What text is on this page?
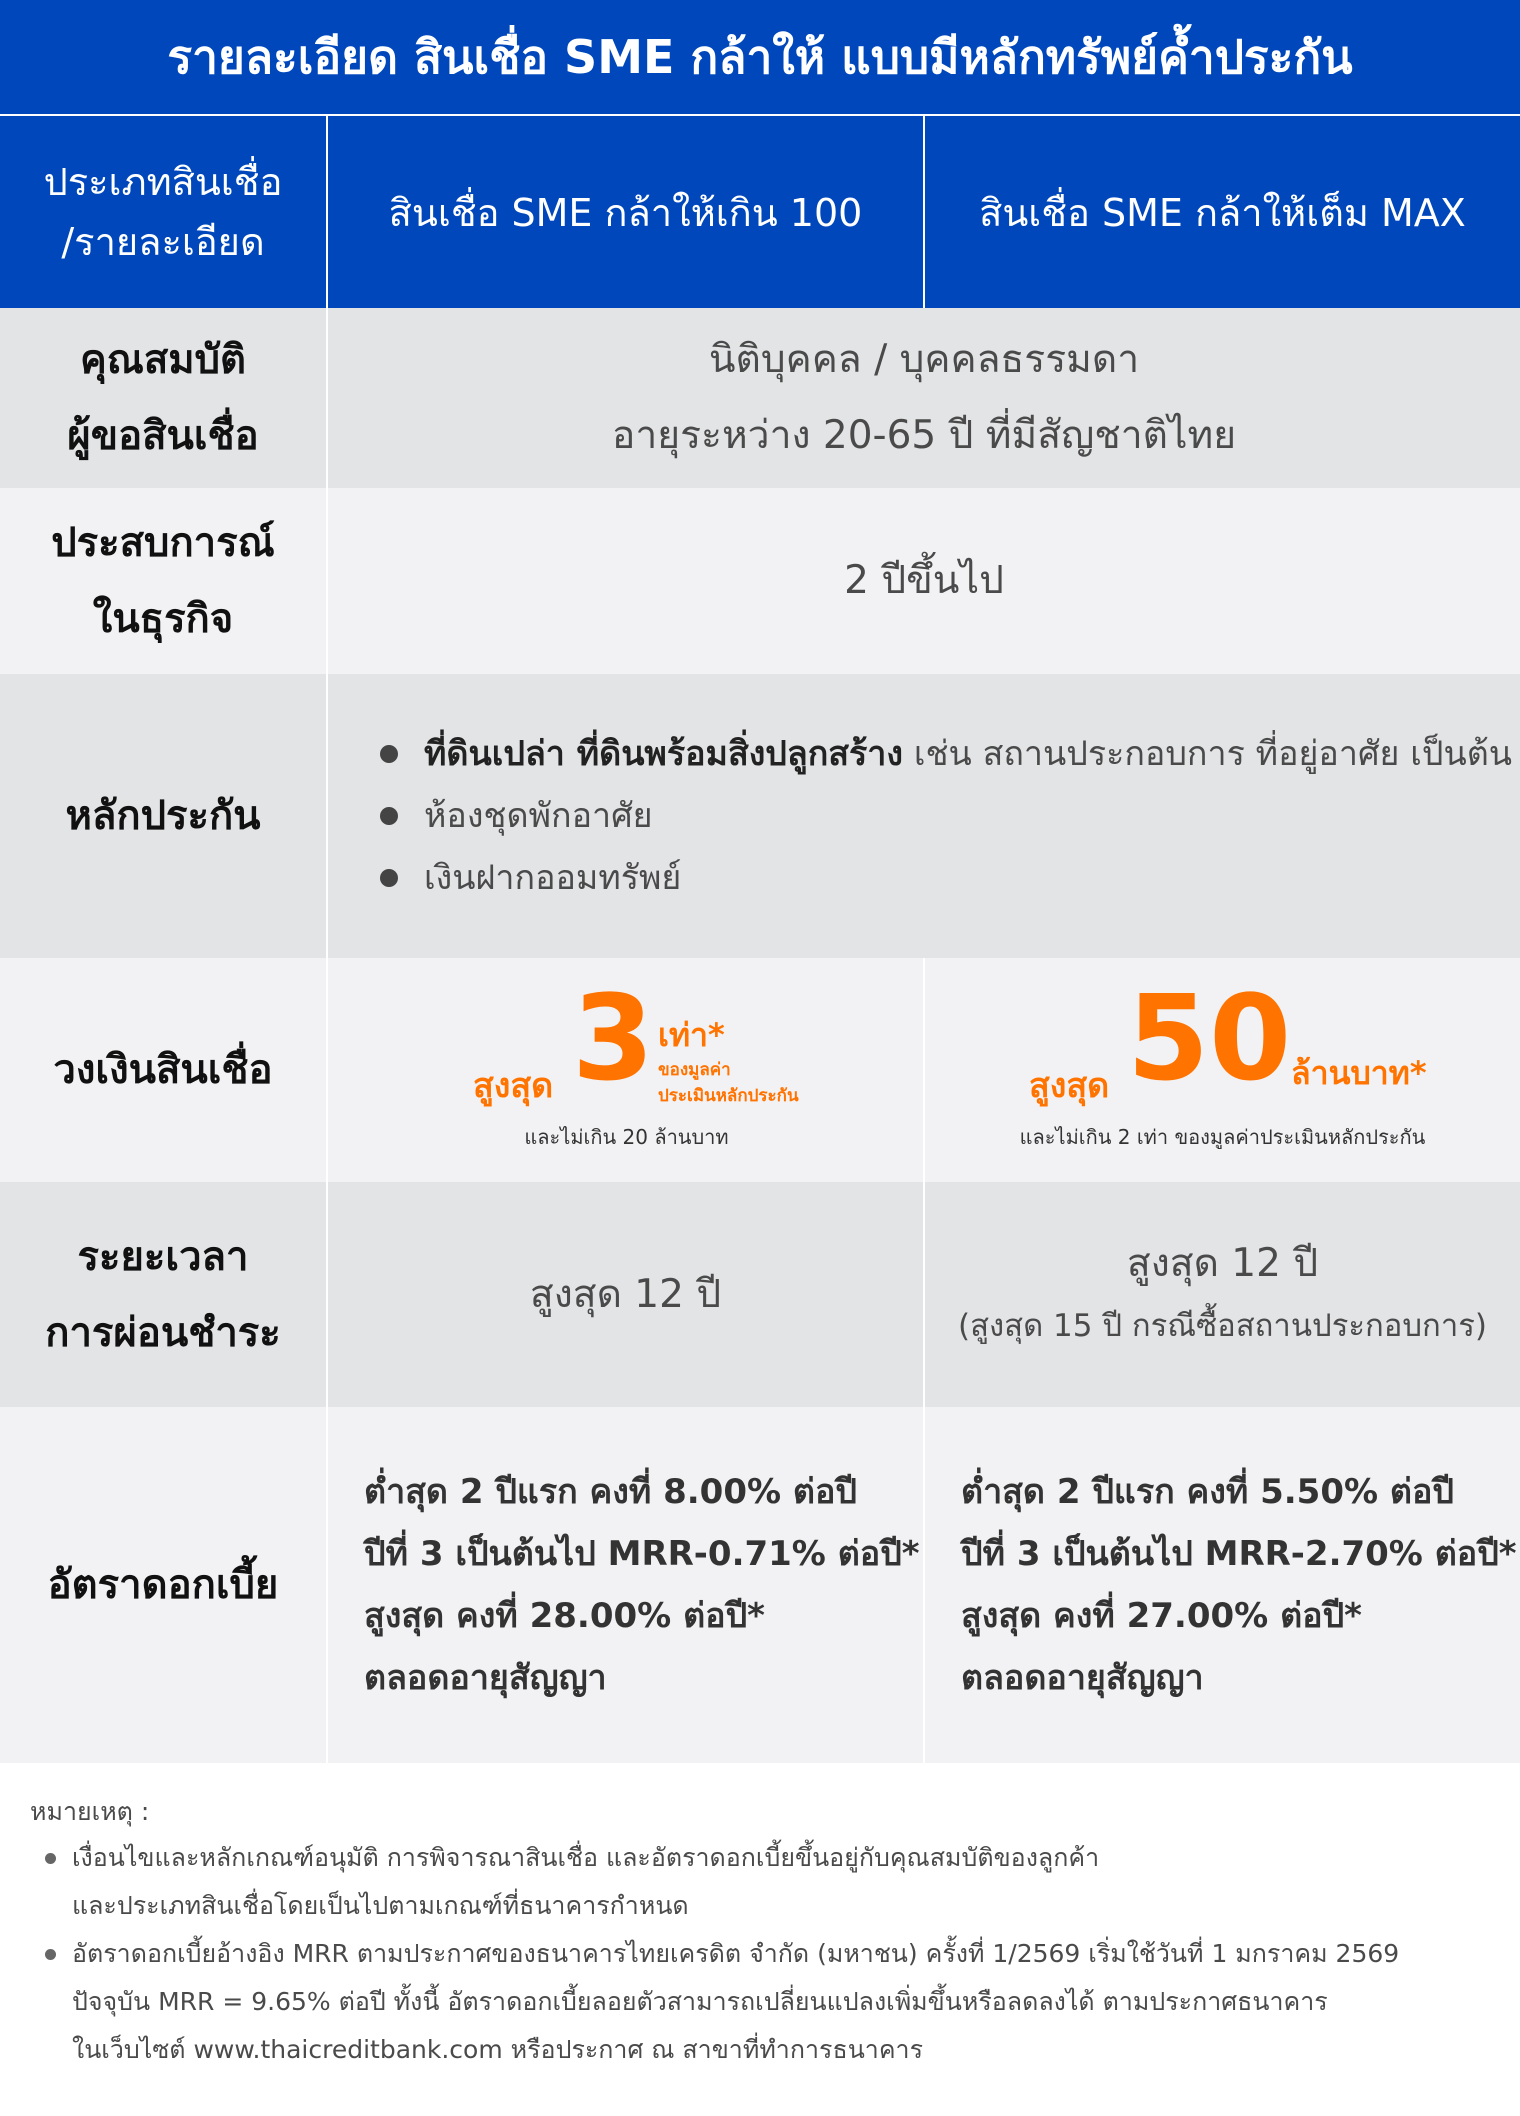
รายละเอียด สินเชื่อ SME กล้าให้ แบบมีหลักทรัพย์ค้ำประกัน
ประเภทสินเชื่อ
/รายละเอียด
สินเชื่อ SME กล้าให้เกิน 100	สินเชื่อ SME กล้าให้เต็ม MAX
คุณสมบัติ
ผู้ขอสินเชื่อ
นิติบุคคล / บุคคลธรรมดา
อายุระหว่าง 20-65 ปี ที่มีสัญชาติไทย
ประสบการณ์
ในธุรกิจ
2 ปีขึ้นไป
หลักประกัน
ที่ดินเปล่า ที่ดินพร้อมสิ่งปลูกสร้าง เช่น สถานประกอบการ ที่อยู่อาศัย เป็นต้น
ห้องชุดพักอาศัย
เงินฝากออมทรัพย์
วงเงินสินเชื่อ	สูงสุด 3 เท่า*
ของมูลค่า
ประเมินหลักประกัน
และไม่เกิน 20 ล้านบาท
สูงสุด 50 ล้านบาท*
และไม่เกิน 2 เท่า ของมูลค่าประเมินหลักประกัน
ระยะเวลา
การผ่อนชำระ
สูงสุด 12 ปี
สูงสุด 12 ปี
(สูงสุด 15 ปี กรณีซื้อสถานประกอบการ)
อัตราดอกเบี้ย
ต่ำสุด 2 ปีแรก คงที่ 8.00% ต่อปี
ปีที่ 3 เป็นต้นไป MRR-0.71% ต่อปี*
สูงสุด คงที่ 28.00% ต่อปี*
ตลอดอายุสัญญา
ต่ำสุด 2 ปีแรก คงที่ 5.50% ต่อปี
ปีที่ 3 เป็นต้นไป MRR-2.70% ต่อปี*
สูงสุด คงที่ 27.00% ต่อปี*
ตลอดอายุสัญญา
หมายเหตุ :
เงื่อนไขและหลักเกณฑ์อนุมัติ การพิจารณาสินเชื่อ และอัตราดอกเบี้ยขึ้นอยู่กับคุณสมบัติของลูกค้า
และประเภทสินเชื่อโดยเป็นไปตามเกณฑ์ที่ธนาคารกำหนด
อัตราดอกเบี้ยอ้างอิง MRR ตามประกาศของธนาคารไทยเครดิต จำกัด (มหาชน) ครั้งที่ 1/2569 เริ่มใช้วันที่ 1 มกราคม 2569
ปัจจุบัน MRR = 9.65% ต่อปี ทั้งนี้ อัตราดอกเบี้ยลอยตัวสามารถเปลี่ยนแปลงเพิ่มขึ้นหรือลดลงได้ ตามประกาศธนาคาร
ในเว็บไซต์ www.thaicreditbank.com หรือประกาศ ณ สาขาที่ทำการธนาคาร
